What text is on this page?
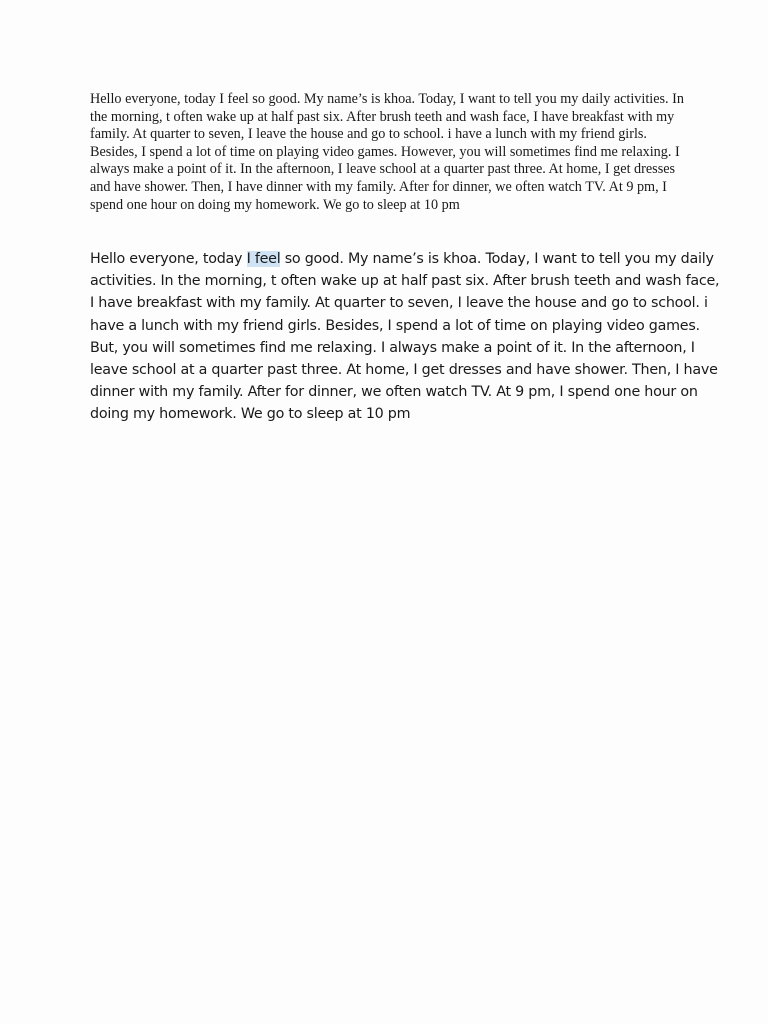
Hello everyone, today I feel so good. My name’s is khoa. Today, I want to tell you my daily activities. In
the morning, t often wake up at half past six. After brush teeth and wash face, I have breakfast with my
family. At quarter to seven, I leave the house and go to school. i have a lunch with my friend girls.
Besides, I spend a lot of time on playing video games. However, you will sometimes find me relaxing. I
always make a point of it. In the afternoon, I leave school at a quarter past three. At home, I get dresses
and have shower. Then, I have dinner with my family. After for dinner, we often watch TV. At 9 pm, I
spend one hour on doing my homework. We go to sleep at 10 pm

Hello everyone, today I feel so good. My name’s is khoa. Today, I want to tell you my daily
activities. In the morning, t often wake up at half past six. After brush teeth and wash face,
I have breakfast with my family. At quarter to seven, I leave the house and go to school. i
have a lunch with my friend girls. Besides, I spend a lot of time on playing video games.
But, you will sometimes find me relaxing. I always make a point of it. In the afternoon, I
leave school at a quarter past three. At home, I get dresses and have shower. Then, I have
dinner with my family. After for dinner, we often watch TV. At 9 pm, I spend one hour on
doing my homework. We go to sleep at 10 pm
